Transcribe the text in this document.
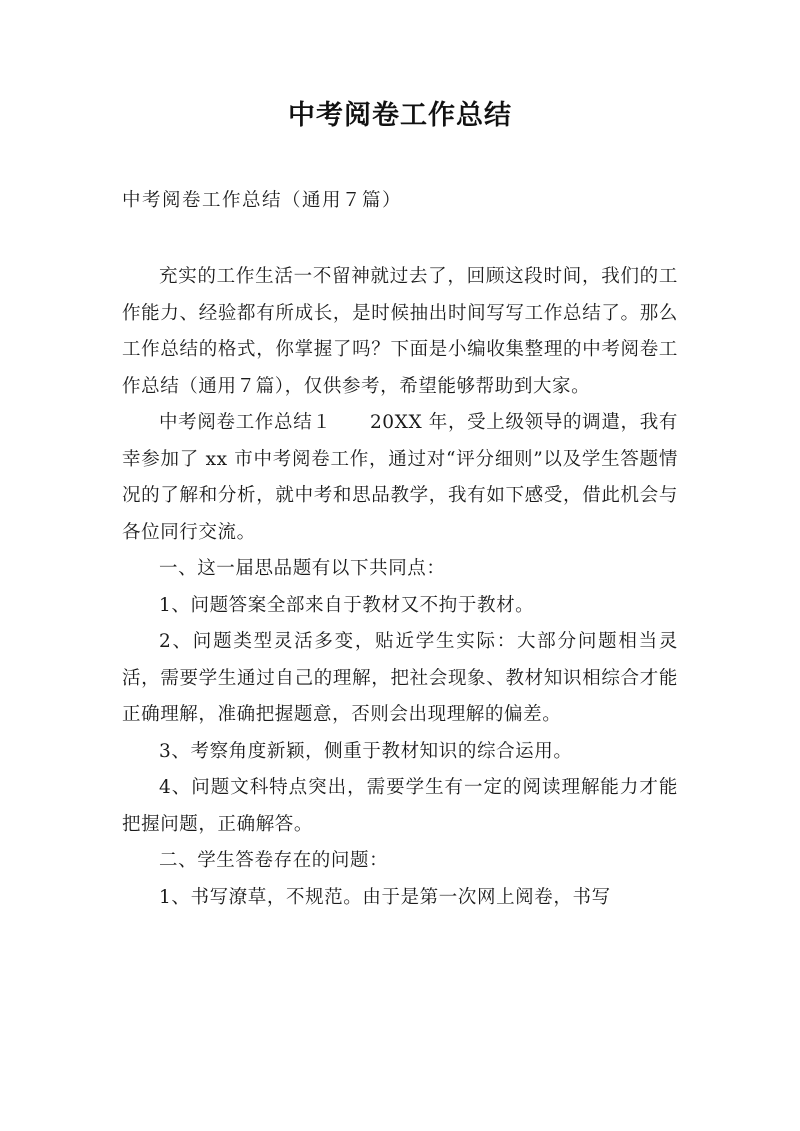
中考阅卷工作总结

中考阅卷工作总结（通用７篇）

充实的工作生活一不留神就过去了，回顾这段时间，我们的工作能力、经验都有所成长，是时候抽出时间写写工作总结了。那么工作总结的格式，你掌握了吗？下面是小编收集整理的中考阅卷工作总结（通用７篇），仅供参考，希望能够帮助到大家。

中考阅卷工作总结１　　20XX 年，受上级领导的调遣，我有幸参加了 xx 市中考阅卷工作，通过对“评分细则”以及学生答题情况的了解和分析，就中考和思品教学，我有如下感受，借此机会与各位同行交流。

一、这一届思品题有以下共同点：

1、问题答案全部来自于教材又不拘于教材。

2、问题类型灵活多变，贴近学生实际：大部分问题相当灵活，需要学生通过自己的理解，把社会现象、教材知识相综合才能正确理解，准确把握题意，否则会出现理解的偏差。

3、考察角度新颖，侧重于教材知识的综合运用。

4、问题文科特点突出，需要学生有一定的阅读理解能力才能把握问题，正确解答。

二、学生答卷存在的问题：

1、书写潦草，不规范。由于是第一次网上阅卷，书写
